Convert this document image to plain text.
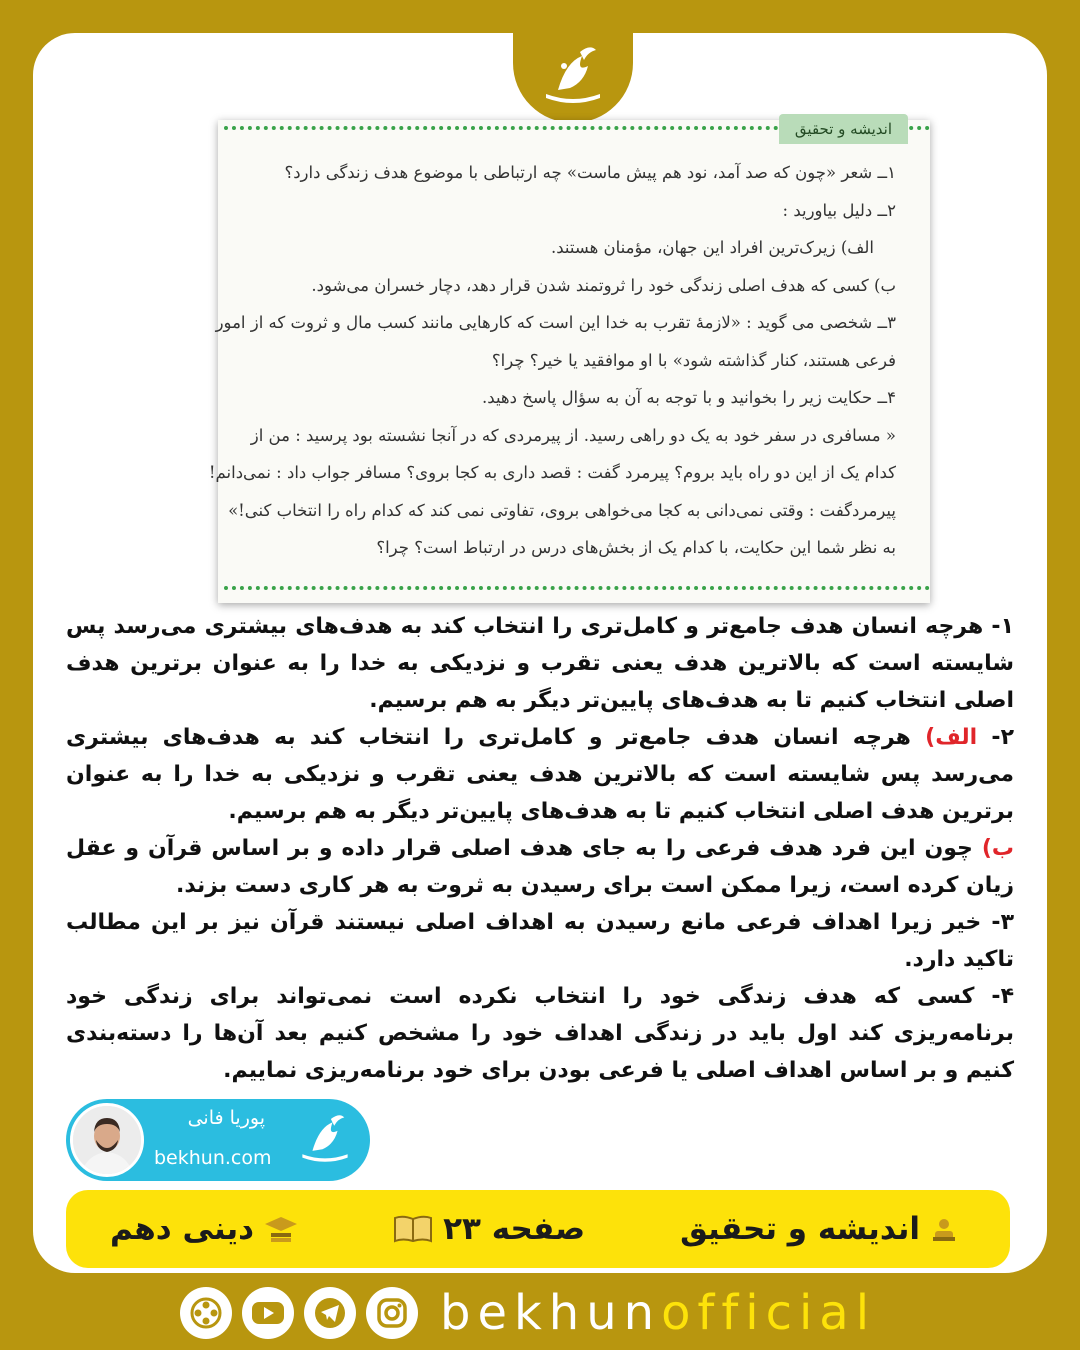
اندیشه و تحقیق
۱ــ شعر «چون که صد آمد، نود هم پیش ماست» چه ارتباطی با موضوع هدف زندگی دارد؟
۲ــ دلیل بیاورید :
الف) زیرک‌ترین افراد این جهان، مؤمنان هستند.
ب) کسی که هدف اصلی زندگی خود را ثروتمند شدن قرار دهد، دچار خسران می‌شود.
۳ــ شخصی می گوید : «لازمۀ تقرب به خدا این است که کارهایی مانند کسب مال و ثروت که از امور
فرعی هستند، کنار گذاشته شود» با او موافقید یا خیر؟ چرا؟
۴ــ حکایت زیر را بخوانید و با توجه به آن به سؤال پاسخ دهید.
« مسافری در سفر خود به یک دو راهی رسید. از پیرمردی که در آنجا نشسته بود پرسید : من از
کدام یک از این دو راه باید بروم؟ پیرمرد گفت : قصد داری به کجا بروی؟ مسافر جواب داد : نمی‌دانم!
پیرمردگفت : وقتی نمی‌دانی به کجا می‌خواهی بروی، تفاوتی نمی کند که کدام راه را انتخاب کنی!»
به نظر شما این حکایت، با کدام یک از بخش‌های درس در ارتباط است؟ چرا؟
پوریا فانی
bekhun.com

۱- هرچه انسان هدف جامع‌تر و کامل‌تری را انتخاب کند به هدف‌های بیشتری می‌رسد پس شایسته است که بالاترین هدف یعنی تقرب و نزدیکی به خدا را به عنوان برترین هدف اصلی انتخاب کنیم تا به هدف‌های پایین‌تر دیگر به هم برسیم.

۲- الف) هرچه انسان هدف جامع‌تر و کامل‌تری را انتخاب کند به هدف‌های بیشتری می‌رسد پس شایسته است که بالاترین هدف یعنی تقرب و نزدیکی به خدا را به عنوان برترین هدف اصلی انتخاب کنیم تا به هدف‌های پایین‌تر دیگر به هم برسیم.

ب) چون این فرد هدف فرعی را به جای هدف اصلی قرار داده و بر اساس قرآن و عقل زیان کرده است، زیرا ممکن است برای رسیدن به ثروت به هر کاری دست بزند.

۳- خیر زیرا اهداف فرعی مانع رسیدن به اهداف اصلی نیستند قرآن نیز بر این مطالب تاکید دارد.

۴- کسی که هدف زندگی خود را انتخاب نکرده است نمی‌تواند برای زندگی خود برنامه‌ریزی کند اول باید در زندگی اهداف خود را مشخص کنیم بعد آن‌ها را دسته‌بندی کنیم و بر اساس اهداف اصلی یا فرعی بودن برای خود برنامه‌ریزی نماییم.

اندیشه و تحقیق
صفحه ۲۳
دینی دهم
bekhunofficial
